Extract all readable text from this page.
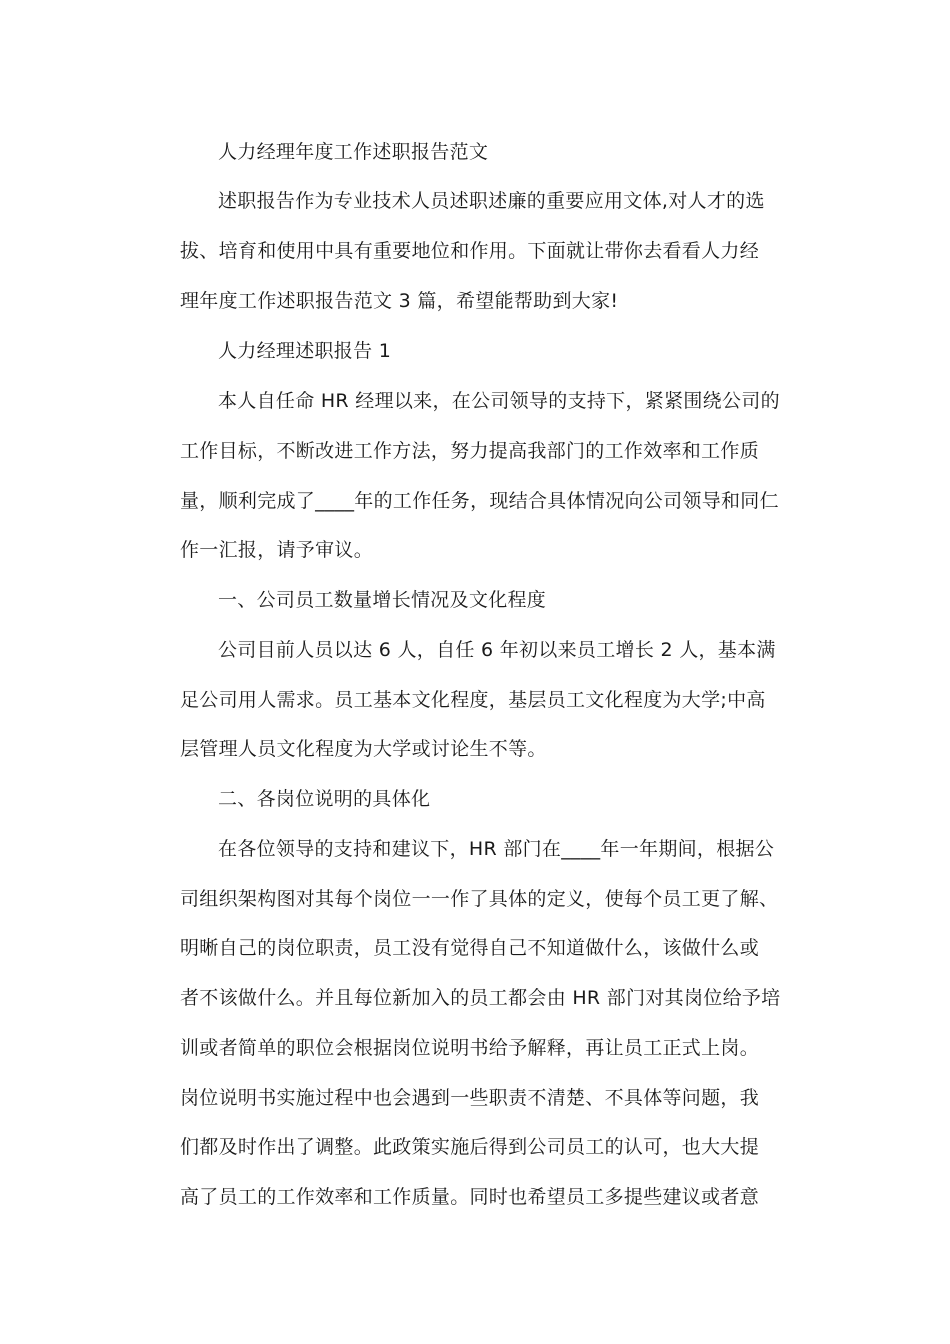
人力经理年度工作述职报告范文
述职报告作为专业技术人员述职述廉的重要应用文体,对人才的选
拔、培育和使用中具有重要地位和作用。下面就让带你去看看人力经
理年度工作述职报告范文 3 篇，希望能帮助到大家!
人力经理述职报告 1
本人自任命 HR 经理以来，在公司领导的支持下，紧紧围绕公司的
工作目标，不断改进工作方法，努力提高我部门的工作效率和工作质
量，顺利完成了____年的工作任务，现结合具体情况向公司领导和同仁
作一汇报，请予审议。
一、公司员工数量增长情况及文化程度
公司目前人员以达 6 人，自任 6 年初以来员工增长 2 人，基本满
足公司用人需求。员工基本文化程度，基层员工文化程度为大学;中高
层管理人员文化程度为大学或讨论生不等。
二、各岗位说明的具体化
在各位领导的支持和建议下，HR 部门在____年一年期间，根据公
司组织架构图对其每个岗位一一作了具体的定义，使每个员工更了解、
明晰自己的岗位职责，员工没有觉得自己不知道做什么，该做什么或
者不该做什么。并且每位新加入的员工都会由 HR 部门对其岗位给予培
训或者简单的职位会根据岗位说明书给予解释，再让员工正式上岗。
岗位说明书实施过程中也会遇到一些职责不清楚、不具体等问题，我
们都及时作出了调整。此政策实施后得到公司员工的认可，也大大提
高了员工的工作效率和工作质量。同时也希望员工多提些建议或者意
